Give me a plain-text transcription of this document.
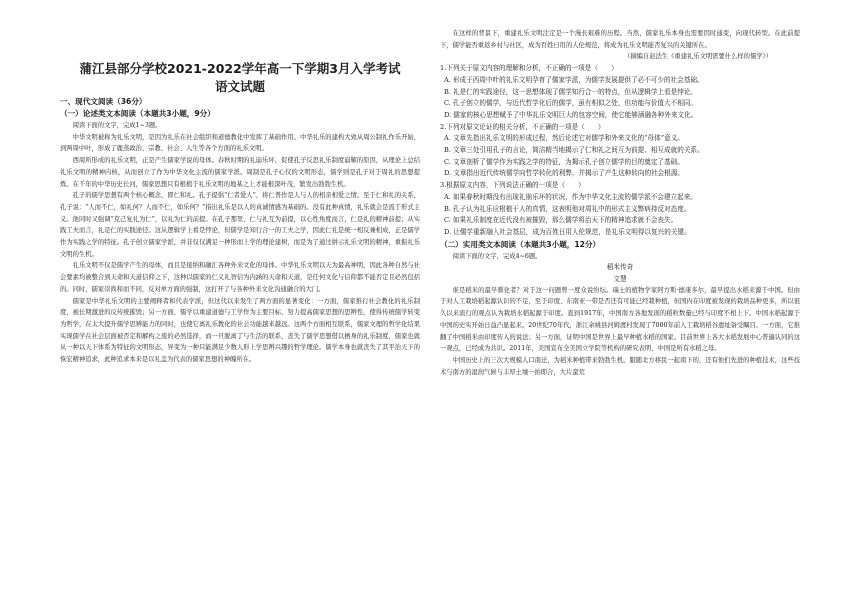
蒲江县部分学校2021-2022学年高一下学期3月入学考试
语文试题
一、现代文阅读（36分）
（一）论述类文本阅读（本题共3小题，9分）
阅读下面的文字，完成1~3题。
中华文明被称为礼乐文明，是因为礼乐在社会组织和道德教化中发挥了基础作用。中华礼乐的建构大致从周公制礼作乐开始，到两周中叶，形成了鹿蒸政治、宗教、社会、人生等各个方面的礼乐文明。
西周所形成的礼乐文明，正是产生儒家学说的母体。春秋时期的礼崩乐坏，促使孔子反思礼乐制度崩解的原因，从理论上总结礼乐文明的精神内核，从而创立了作为中华文化主流的儒家学派。周制是孔子心仪的文明形态，儒学则是孔子对于周礼的思想提炼。在千年的中华历史长河，儒家思想只有根植于礼乐文明的地基之上才能根深叶茂，繁发出勃勃生机。
孔子的儒学思想有两个核心概念，即仁和礼。孔子提倡“仁者爱人”，将仁普作是人与人的相亲相爱之情。至于仁和礼的关系，孔子说：“人而不仁，如礼何？人而不仁，如乐何？”指出礼乐是以人的真诚情感为基础的。没有此种真情，礼乐就会是流于形式主义。他同时又强调“克己复礼为仁”，以礼为仁的前提。在孔子那里，仁与礼互为前提，以心性角度而言，仁是礼的精神前提；从实践工夫而言，礼是仁的实践途径。这从逻辑学上看是悖论，但儒学是知行合一的工夫之学，因此仁礼是统一相反兼相成，正是儒学作为实践之学的特征。孔子创立儒家学派，并非仅仅满足一种形而上学的理论建树，而是为了通过拼示礼乐文明的精神，重振礼乐文明的生机。
礼乐文明不仅是儒学产生的母体，而且是接纳和融汇各种外来文化的母体。中华礼乐文明以天为最高神明，因此各种自然与社会要素均被整合到天命和天道信仰之下，这种以儒家的仁义礼智信为内涵的天命和天道，是任何文化与信仰都不能否定且必然包括的。同时，儒家崇尚和而不同，反对单方面的强制，这打开了与各种外来文化沟通融合的大门。
儒家是中华礼乐文明的主要阐释者和代表学派，但这代以来发生了两方面的显著变化：一方面，儒家推行社会教化的礼乐制度，被长期激进的反传统摧毁；另一方面，儒学以重建道德与工学作为主要目标，努力提高儒家思想的思辨性，使得传统儒学转变为哲学，在太大提升儒学思辨能力的同时，也使它离礼乐教化的社会功能越来越远。这两个方面相互联系，儒家文理的哲学化结果实现儒学在社会层面被否定和解构之废的必然选择，而一旦脱离了与生活的联系，丧失了儒学思想借以栖身的礼乐制度，儒家也就从一种以天下体系为特征的文明形态，异变为一种只能满足少数人形上学思辨兴趣的哲学理论。儒学本身也就丧失了其平治天下的恢宏精神追求，此种追求本来是以礼盖为代表的儒家思想的神魄所在。
在这样的背景下，重建礼乐文明注定是一个漫长艰难的历程。当然，儒家礼乐本身也需要因时通变，向现代转型。在此前提下，儒学能否重返乡村与社区，成为百姓日用的人伦规范，将成为礼乐文明能否复兴的关键所在。
（摘编自赵法生《重建礼乐文明需要什么样的儒学》）
1.下列关于原文内容的理解和分析，不正确的一项是（　　）
A. 形成于西周中叶的礼乐文明孕育了儒家学派，为儒学发展提供了必不可少的社会基础。
B. 礼是仁的实践途径，这一思想体现了儒学知行合一的特点，但从逻辑学上看是悖论。
C. 孔子创立的儒学，与近代哲学化后的儒学，虽有相似之处，但功能与价值大不相同。
D. 儒家的核心思想赋予了中华礼乐文明巨大的包容空间，使它能够涵融各种外来文化。
2.下列对原文论证的相关分析，不正确的一项是（　　）
A. 文章先指出礼乐文明的形成过程，然后论述它对儒学和外来文化的“母体”意义。
B. 文章三处引用孔子的言论，简洁精当地揭示了仁和礼之间互为前提、相互成就的关系。
C. 文章剖析了儒学作为实践之学的特征，为揭示孔子创立儒学的目的奠定了基础。
D. 文章指出近代传统儒学向哲学转化的利弊，并揭示了产生这种转向的社会根源。
3.根据原文内容，下列说法正确的一项是（　　）
A. 如果春秋时期没有出现礼崩乐坏的状况，作为中华文化主流的儒学派不会建立起来。
B. 孔子认为礼乐应根植于人的真情，这表明他对周礼中的形式主义弊病持反对态度。
C. 如果礼乐制度在近代没有被摧毁，那么儒学将治天下的精神追求就不会丧失。
D. 让儒学重新融入社会基层，成为百姓日用人伦规范，是礼乐文明得以复兴的关键。
（二）实用类文本阅读（本题共3小题，12分）
阅读下面的文字，完成4~6题。
稻米传奇
文慧
谁是稻米的最早驯化者？对于这一问题曾一度众说纷纭。瑞士的植物学家阿方斯·德康多尔，最早提出水稻来源于中国。但由于对人工栽培稻起源认识的不足，至于印度、东南亚一带是否还有可能已经栽种植，但国内在印度被发现的栽培品种更多，所以很久以来流行的观点认为栽培水稻起源于印度。直到1917年，中国南方各地发现的稻粒数量已经与印度不相上下。中国水稻起源于中国的史实开始日益凸显起来。20世纪70年代，浙江余姚县河姆渡村发现了7000年前人工栽培稻谷遗址备受瞩目。一方面，它推翻了中国稻米由印度传入的说法；另一方面，证明中国是世界上最早种植水稻的国家。目前世界上各大水稻发展中心普遍认同的这一观点，已经成为共识。2011年，美国宣布全美国立学院等机构的研究表明，中国是所有水稻之母。
中国历史上的三次大规模人口南迁，为稻米种植带来勃勃生机。服随北方移民一起南下的，还有他们先进的种植技术，这些技术与南方的湿润气候与丰厚土壤一拍即合，大片蛮荒
